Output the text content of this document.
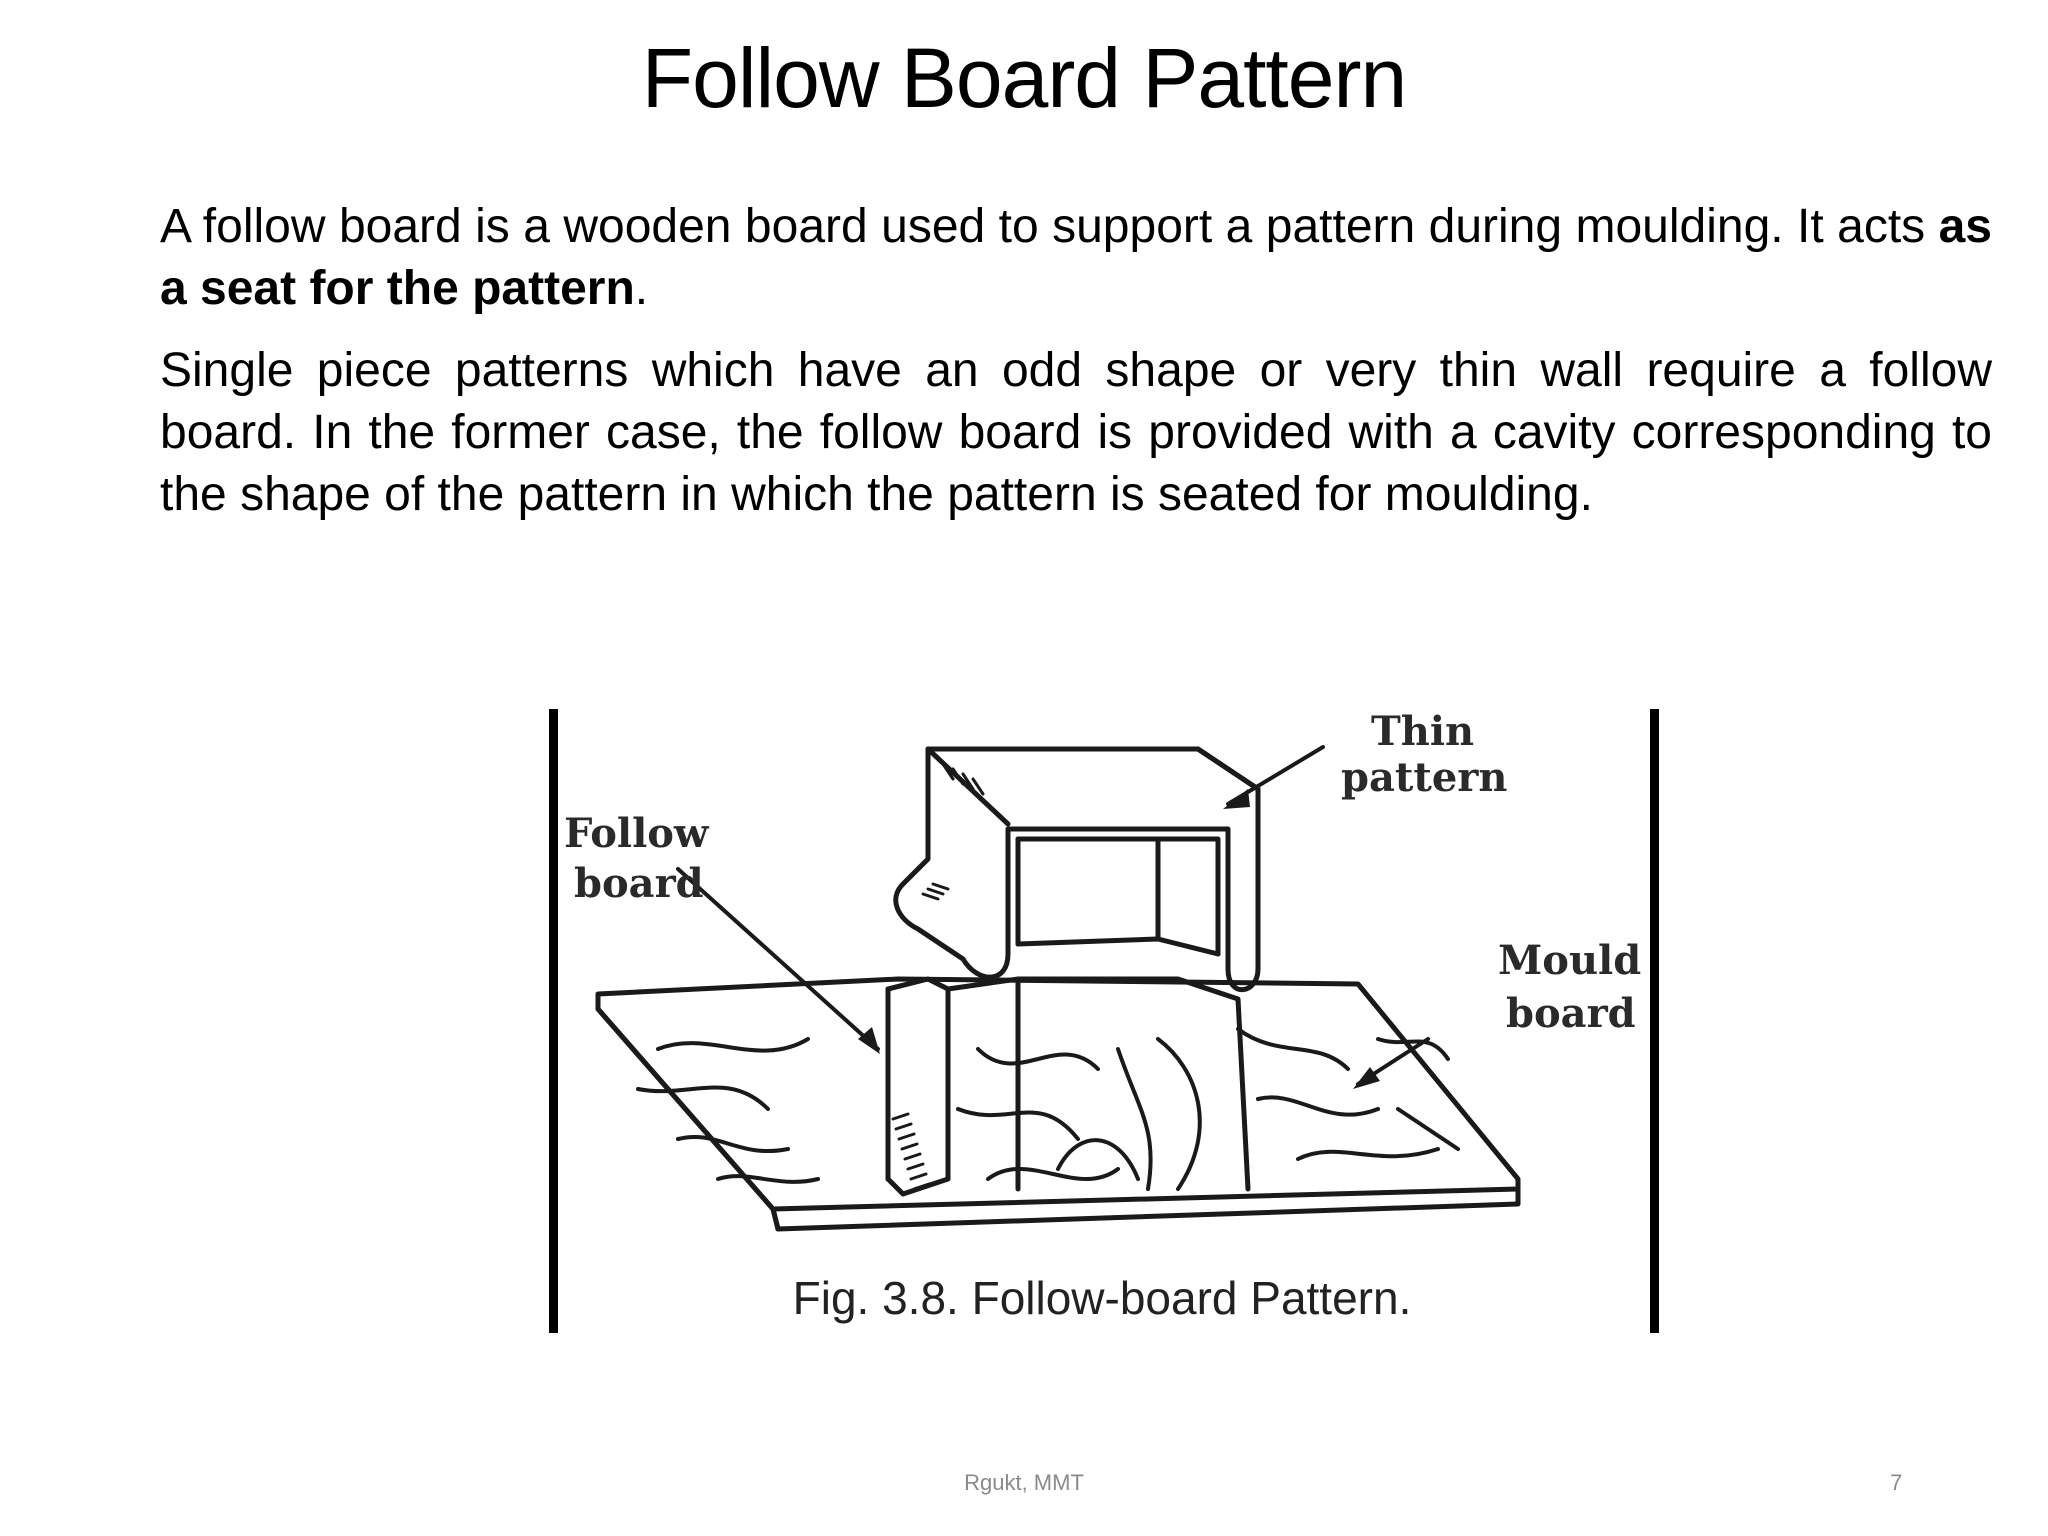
Follow Board Pattern

A follow board is a wooden board used to support a pattern during moulding. It acts as a seat for the pattern.

Single piece patterns which have an odd shape or very thin wall require a follow board. In the former case, the follow board is provided with a cavity corresponding to the shape of the pattern in which the pattern is seated for moulding.

Thin
pattern
Follow
board
Mould
board
Fig. 3.8. Follow-board Pattern.
Rgukt, MMT	7
